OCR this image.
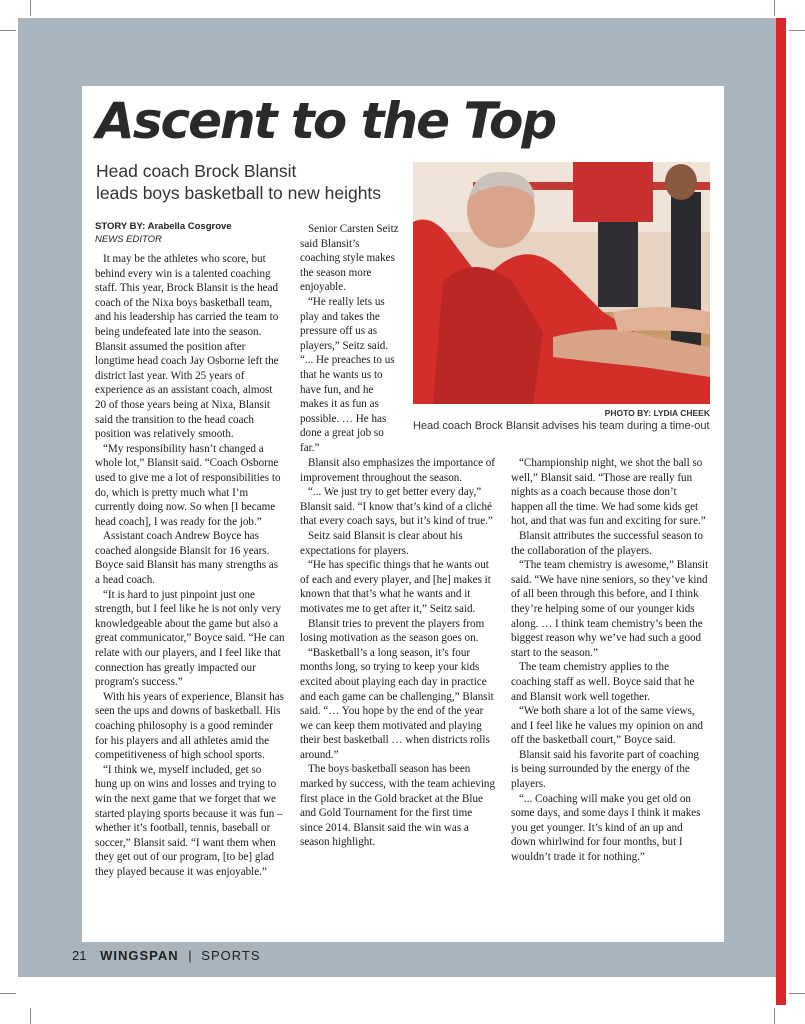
Ascent to the Top
Head coach Brock Blansit
leads boys basketball to new heights
PHOTO BY: LYDIA CHEEK
Head coach Brock Blansit advises his team during a time-out
STORY BY: Arabella Cosgrove
NEWS EDITOR

It may be the athletes who score, but behind every win is a talented coaching staff. This year, Brock Blansit is the head coach of the Nixa boys basketball team, and his leadership has carried the team to being undefeated late into the season. Blansit assumed the position after longtime head coach Jay Osborne left the district last year. With 25 years of experience as an assistant coach, almost 20 of those years being at Nixa, Blansit said the transition to the head coach position was relatively smooth.

“My responsibility hasn’t changed a whole lot,” Blansit said. “Coach Osborne used to give me a lot of responsibilities to do, which is pretty much what I’m currently doing now. So when [I became head coach], I was ready for the job.”

Assistant coach Andrew Boyce has coached alongside Blansit for 16 years. Boyce said Blansit has many strengths as a head coach.

“It is hard to just pinpoint just one strength, but I feel like he is not only very knowledgeable about the game but also a great communicator,” Boyce said. “He can relate with our players, and I feel like that connection has greatly impacted our program's success.”

With his years of experience, Blansit has seen the ups and downs of basketball. His coaching philosophy is a good reminder for his players and all athletes amid the competitiveness of high school sports.

“I think we, myself included, get so hung up on wins and losses and trying to win the next game that we forget that we started playing sports because it was fun – whether it’s football, tennis, baseball or soccer,” Blansit said. “I want them when they get out of our program, [to be] glad they played because it was enjoyable.”

Senior Carsten Seitz said Blansit’s coaching style makes the season more enjoyable.

“He really lets us play and takes the pressure off us as players,” Seitz said. “... He preaches to us that he wants us to have fun, and he makes it as fun as possible. … He has done a great job so far.”

Blansit also emphasizes the importance of improvement throughout the season.

“... We just try to get better every day,” Blansit said. “I know that’s kind of a cliché that every coach says, but it’s kind of true.”

Seitz said Blansit is clear about his expectations for players.

“He has specific things that he wants out of each and every player, and [he] makes it known that that’s what he wants and it motivates me to get after it,” Seitz said.

Blansit tries to prevent the players from losing motivation as the season goes on.

“Basketball’s a long season, it’s four months long, so trying to keep your kids excited about playing each day in practice and each game can be challenging,” Blansit said. “… You hope by the end of the year we can keep them motivated and playing their best basketball … when districts rolls around.”

The boys basketball season has been marked by success, with the team achieving first place in the Gold bracket at the Blue and Gold Tournament for the first time since 2014. Blansit said the win was a season highlight.

“Championship night, we shot the ball so well,” Blansit said. “Those are really fun nights as a coach because those don’t happen all the time. We had some kids get hot, and that was fun and exciting for sure.”

Blansit attributes the successful season to the collaboration of the players.

“The team chemistry is awesome,” Blansit said. “We have nine seniors, so they’ve kind of all been through this before, and I think they’re helping some of our younger kids along. … I think team chemistry’s been the biggest reason why we’ve had such a good start to the season.”

The team chemistry applies to the coaching staff as well. Boyce said that he and Blansit work well together.

“We both share a lot of the same views, and I feel like he values my opinion on and off the basketball court,” Boyce said.

Blansit said his favorite part of coaching is being surrounded by the energy of the players.

“... Coaching will make you get old on some days, and some days I think it makes you get younger. It’s kind of an up and down whirlwind for four months, but I wouldn’t trade it for nothing.”

21 WINGSPAN | SPORTS
